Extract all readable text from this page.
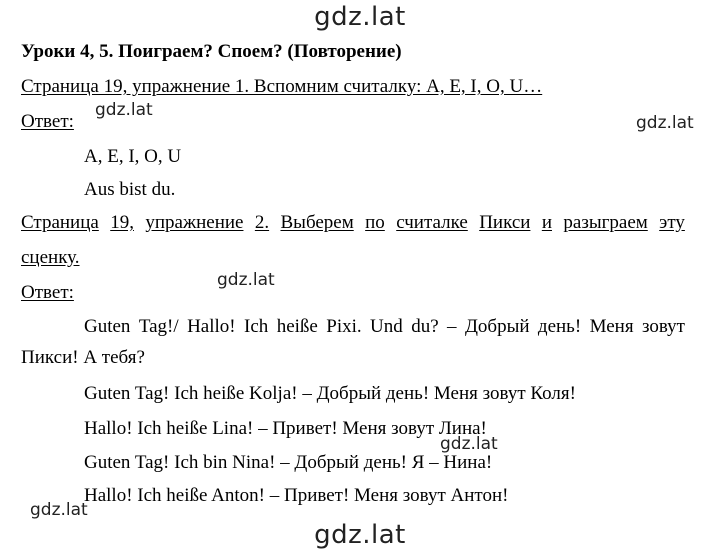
gdz.lat
Уроки 4, 5. Поиграем? Споем? (Повторение)
Страница 19, упражнение 1. Вспомним считалку: A, E, I, O, U…
Ответ:
A, E, I, O, U
Aus bist du.
Страница 19, упражнение 2. Выберем по считалке Пикси и разыграем эту
сценку.
Ответ:
Guten Tag!/ Hallo! Ich heiße Pixi. Und du? – Добрый день! Меня зовут
Пикси! А тебя?
Guten Tag! Ich heiße Kolja! – Добрый день! Меня зовут Коля!
Hallo! Ich heiße Lina! – Привет! Меня зовут Лина!
Guten Tag! Ich bin Nina! – Добрый день! Я – Нина!
Hallo! Ich heiße Anton! – Привет! Меня зовут Антон!
gdz.lat
gdz.lat
gdz.lat
gdz.lat
gdz.lat
gdz.lat
